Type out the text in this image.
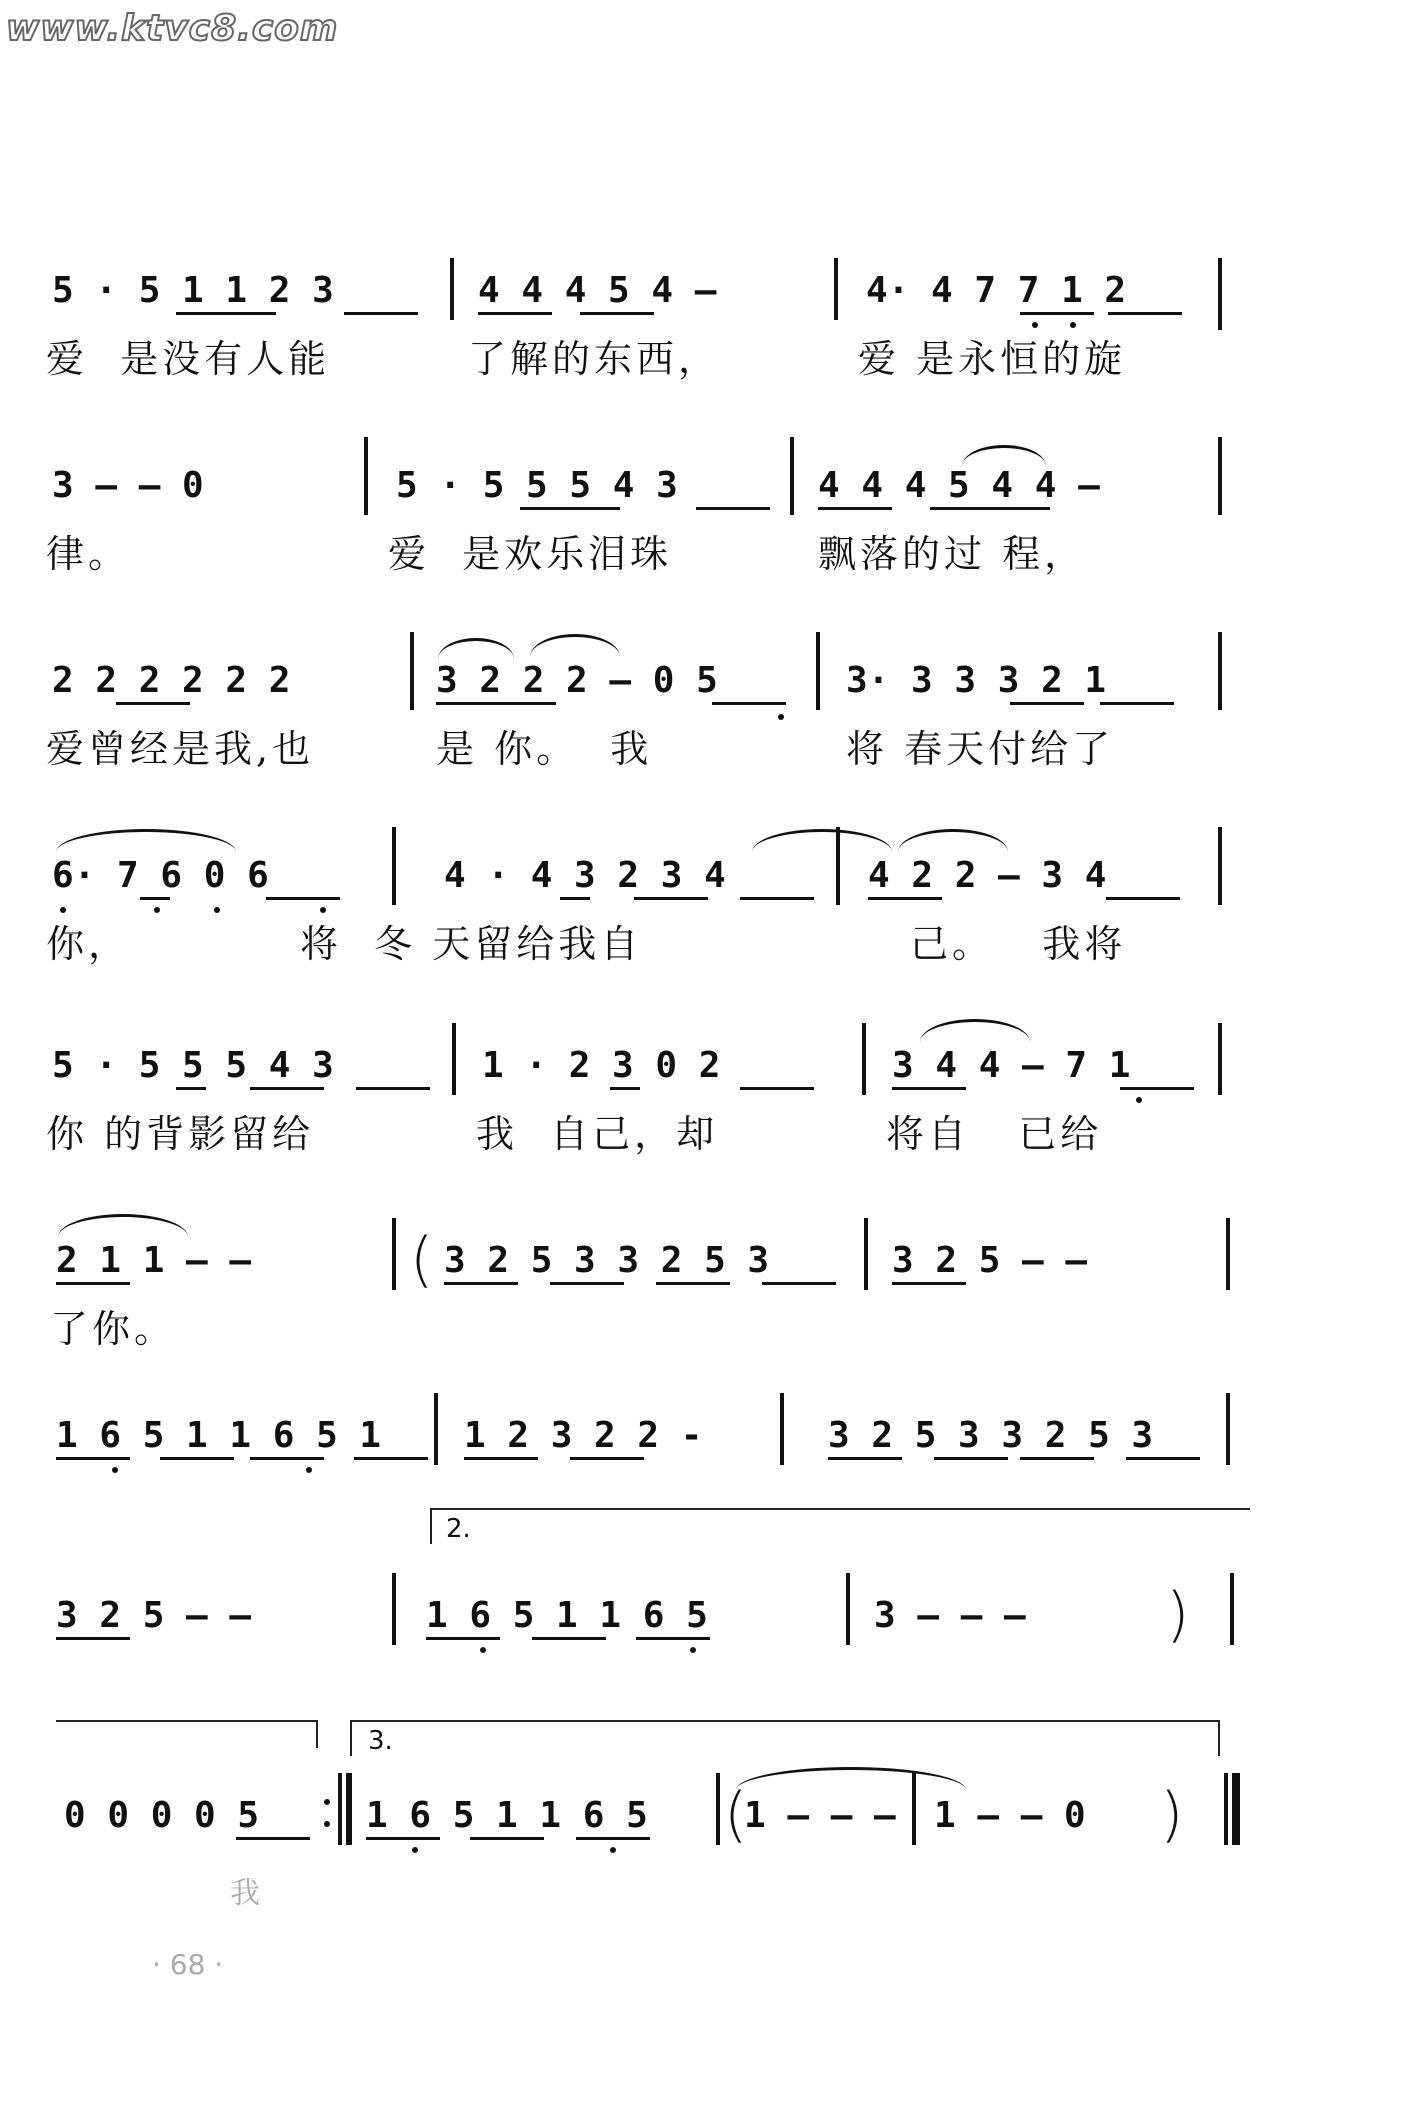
www.ktvc8.com
5 · 5 1 1 2 3	4 4 4 5 4 —	4· 4 7 7 1 2
爱  是没有人能	了解的东西，	爱 是永恒的旋
3 — — 0	5 · 5 5 5 4 3	4 4 4 5 4 4 —
律。	爱  是欢乐泪珠	飘落的过 程，
2 2 2 2 2 2	3 2 2 2 — 0 5	3· 3 3 3 2 1
爱曾经是我,也	是 你。  我	将 春天付给了
6· 7 6 0 6	4 · 4 3 2 3 4	4 2 2 — 3 4
你，	将  冬 天留给我自	己。   我将
5 · 5 5 5 4 3	1 · 2 3 0 2	3 4 4 — 7 1
你 的背影留给	我  自己，却	将自   已给
2 1 1 — —	( 3 2 5 3 3 2 5 3	3 2 5 — —
了你。
1 6 5 1 1 6 5 1 1 2 3 2 2 -	3 2 5 3 3 2 5 3
2.
3 2 5 — —	1 6 5 1 1 6 5	3 — — — )
3.
0 0 0 0 5	1 6 5 1 1 6 5 (
1 — — — 1 — — 0 )
我
· 68 ·
